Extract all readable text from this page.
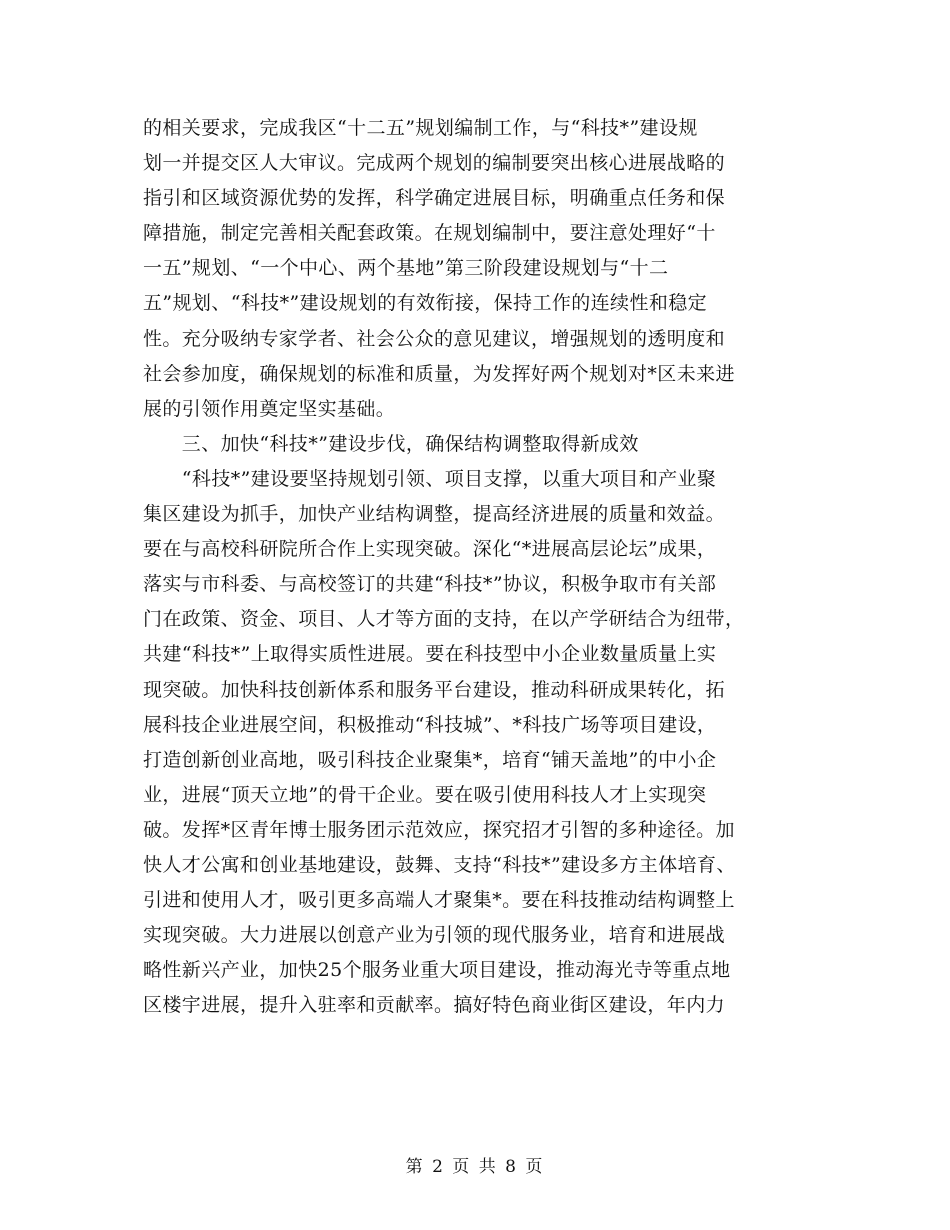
的相关要求，完成我区“十二五”规划编制工作，与“科技*”建设规
划一并提交区人大审议。完成两个规划的编制要突出核心进展战略的
指引和区域资源优势的发挥，科学确定进展目标，明确重点任务和保
障措施，制定完善相关配套政策。在规划编制中，要注意处理好“十
一五”规划、“一个中心、两个基地”第三阶段建设规划与“十二
五”规划、“科技*”建设规划的有效衔接，保持工作的连续性和稳定
性。充分吸纳专家学者、社会公众的意见建议，增强规划的透明度和
社会参加度，确保规划的标准和质量，为发挥好两个规划对*区未来进
展的引领作用奠定坚实基础。
　　三、加快“科技*”建设步伐，确保结构调整取得新成效
　　“科技*”建设要坚持规划引领、项目支撑，以重大项目和产业聚
集区建设为抓手，加快产业结构调整，提高经济进展的质量和效益。
要在与高校科研院所合作上实现突破。深化“*进展高层论坛”成果，
落实与市科委、与高校签订的共建“科技*”协议，积极争取市有关部
门在政策、资金、项目、人才等方面的支持，在以产学研结合为纽带，
共建“科技*”上取得实质性进展。要在科技型中小企业数量质量上实
现突破。加快科技创新体系和服务平台建设，推动科研成果转化，拓
展科技企业进展空间，积极推动“科技城”、*科技广场等项目建设，
打造创新创业高地，吸引科技企业聚集*，培育“铺天盖地”的中小企
业，进展“顶天立地”的骨干企业。要在吸引使用科技人才上实现突
破。发挥*区青年博士服务团示范效应，探究招才引智的多种途径。加
快人才公寓和创业基地建设，鼓舞、支持“科技*”建设多方主体培育、
引进和使用人才，吸引更多高端人才聚集*。要在科技推动结构调整上
实现突破。大力进展以创意产业为引领的现代服务业，培育和进展战
略性新兴产业，加快25个服务业重大项目建设，推动海光寺等重点地
区楼宇进展，提升入驻率和贡献率。搞好特色商业街区建设，年内力
第 2 页 共 8 页
